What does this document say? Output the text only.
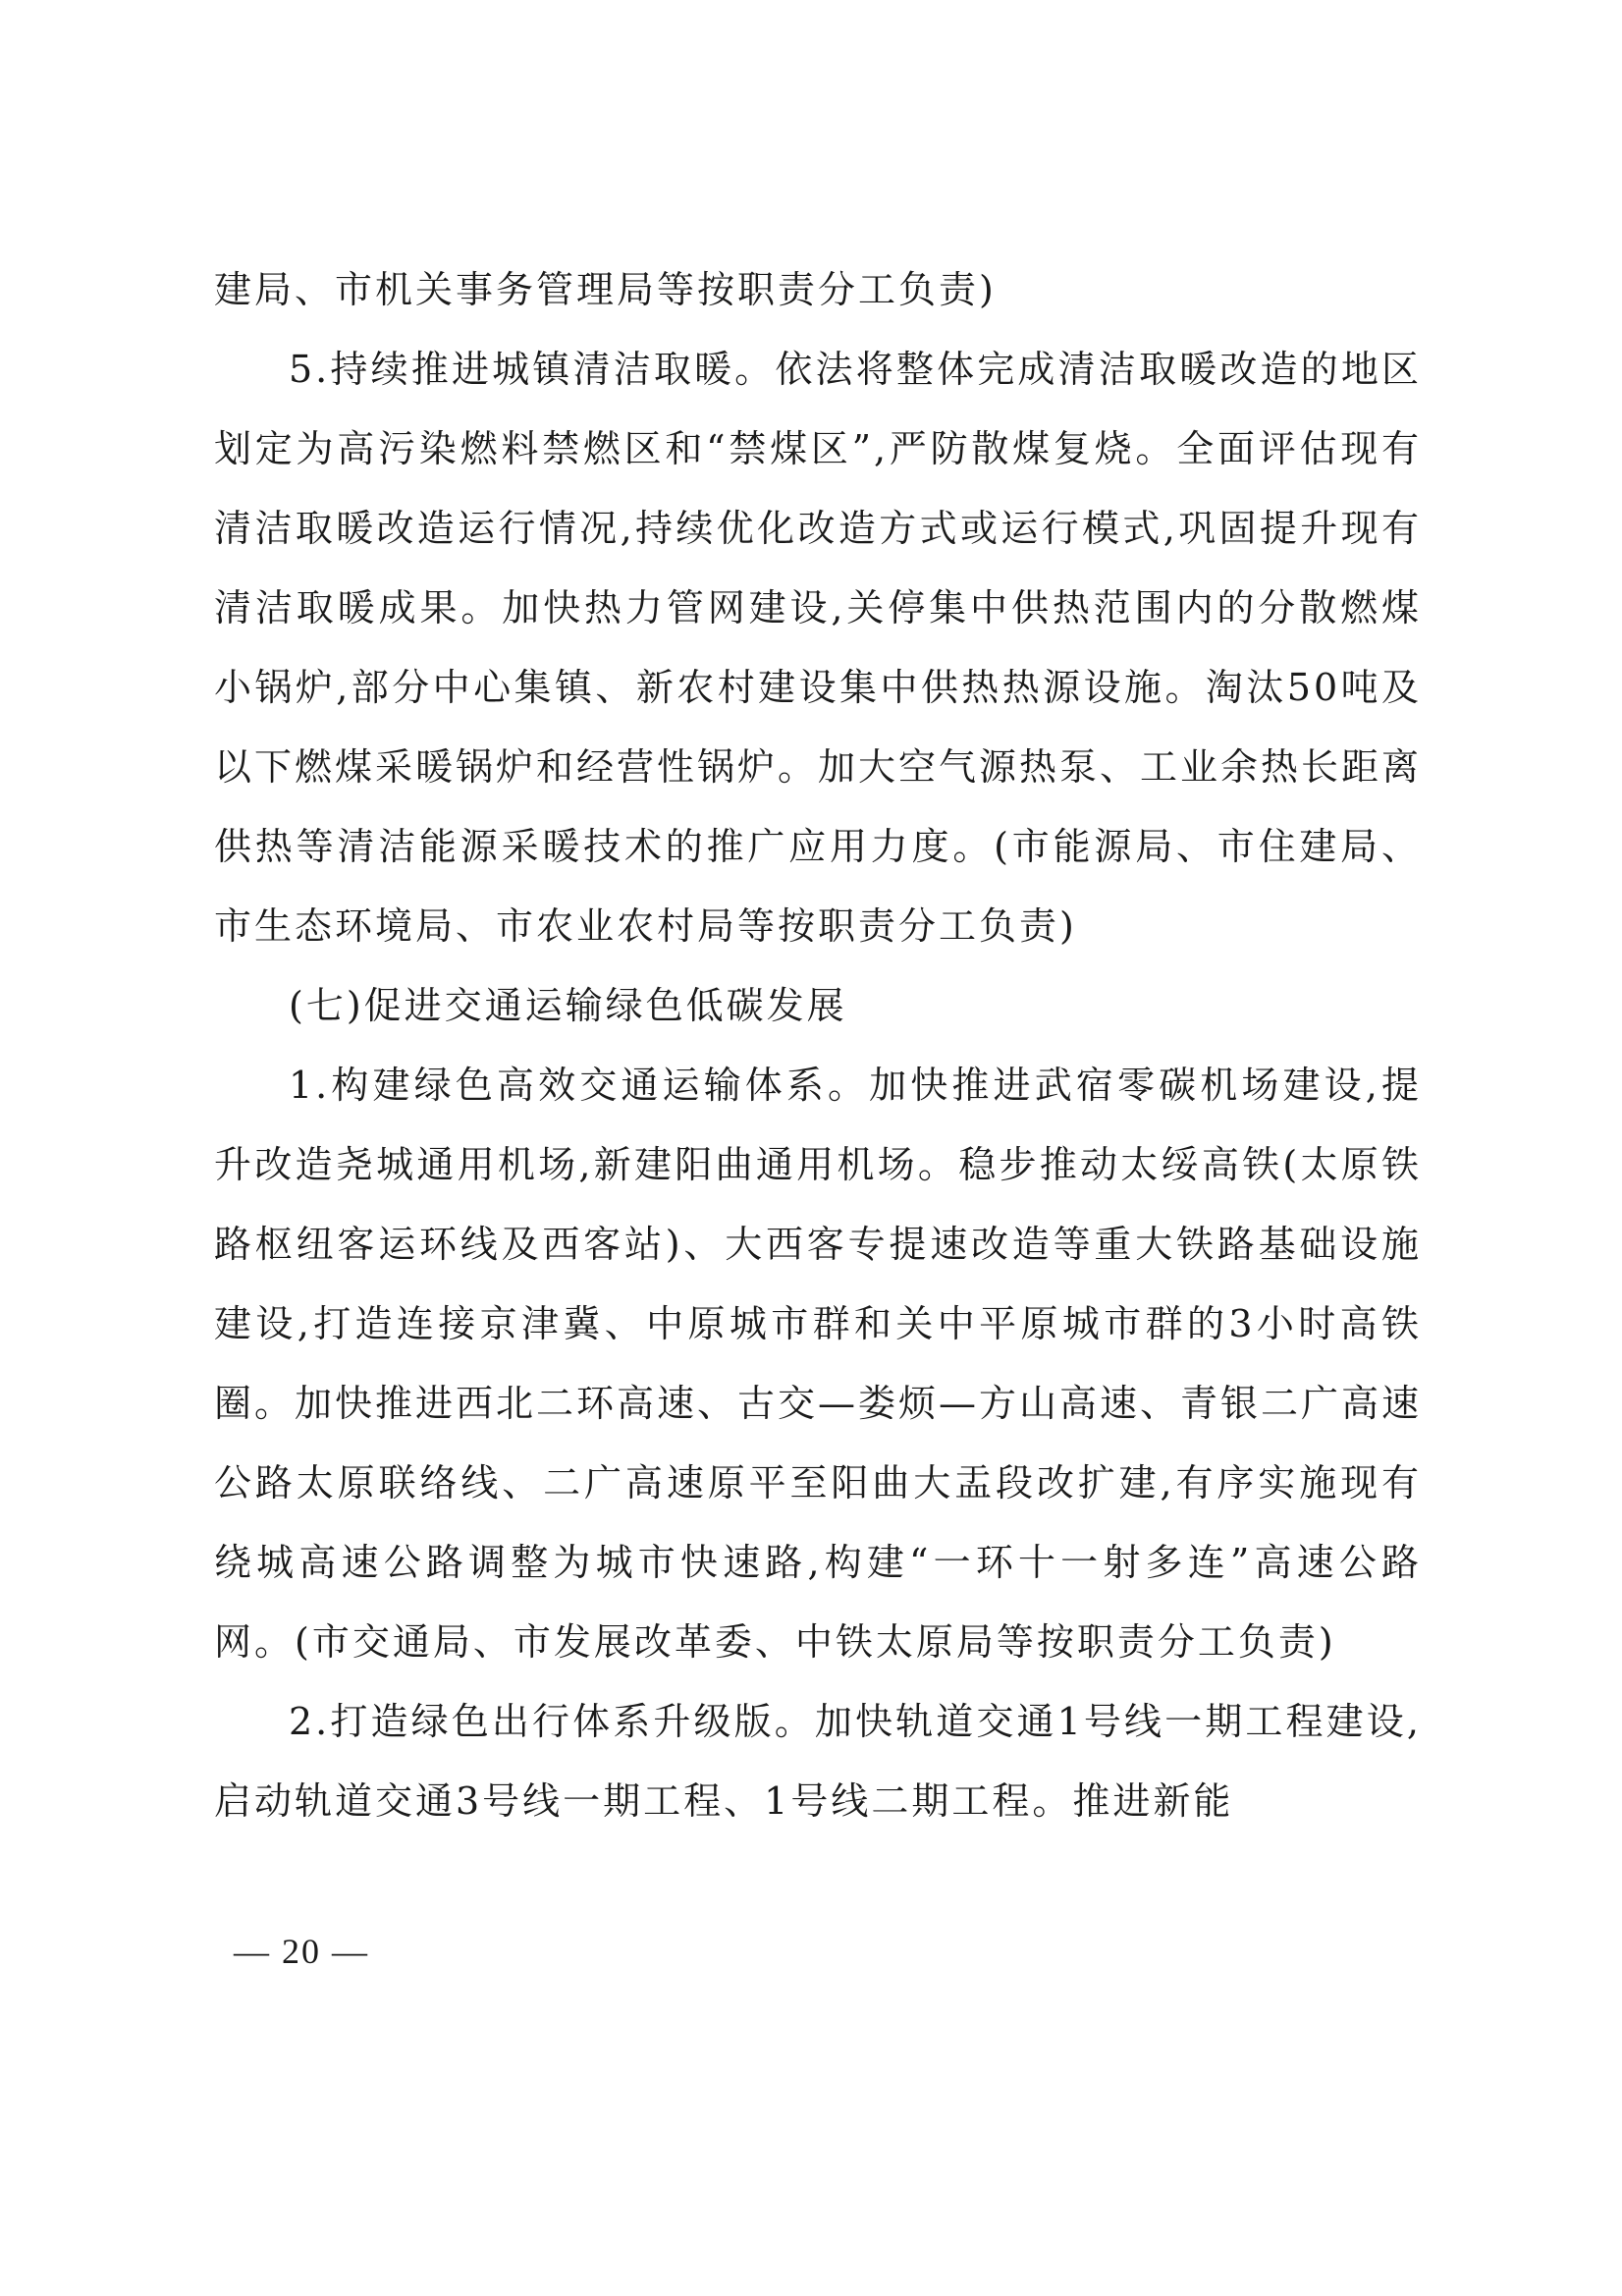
建局、市机关事务管理局等按职责分工负责)

5.持续推进城镇清洁取暖。依法将整体完成清洁取暖改造的地区划定为高污染燃料禁燃区和“禁煤区”,严防散煤复烧。全面评估现有清洁取暖改造运行情况,持续优化改造方式或运行模式,巩固提升现有清洁取暖成果。加快热力管网建设,关停集中供热范围内的分散燃煤小锅炉,部分中心集镇、新农村建设集中供热热源设施。淘汰50吨及以下燃煤采暖锅炉和经营性锅炉。加大空气源热泵、工业余热长距离供热等清洁能源采暖技术的推广应用力度。(市能源局、市住建局、市生态环境局、市农业农村局等按职责分工负责)

(七)促进交通运输绿色低碳发展

1.构建绿色高效交通运输体系。加快推进武宿零碳机场建设,提升改造尧城通用机场,新建阳曲通用机场。稳步推动太绥高铁(太原铁路枢纽客运环线及西客站)、大西客专提速改造等重大铁路基础设施建设,打造连接京津冀、中原城市群和关中平原城市群的3小时高铁圈。加快推进西北二环高速、古交—娄烦—方山高速、青银二广高速公路太原联络线、二广高速原平至阳曲大盂段改扩建,有序实施现有绕城高速公路调整为城市快速路,构建“一环十一射多连”高速公路网。(市交通局、市发展改革委、中铁太原局等按职责分工负责)

2.打造绿色出行体系升级版。加快轨道交通1号线一期工程建设,启动轨道交通3号线一期工程、1号线二期工程。推进新能

— 20 —
